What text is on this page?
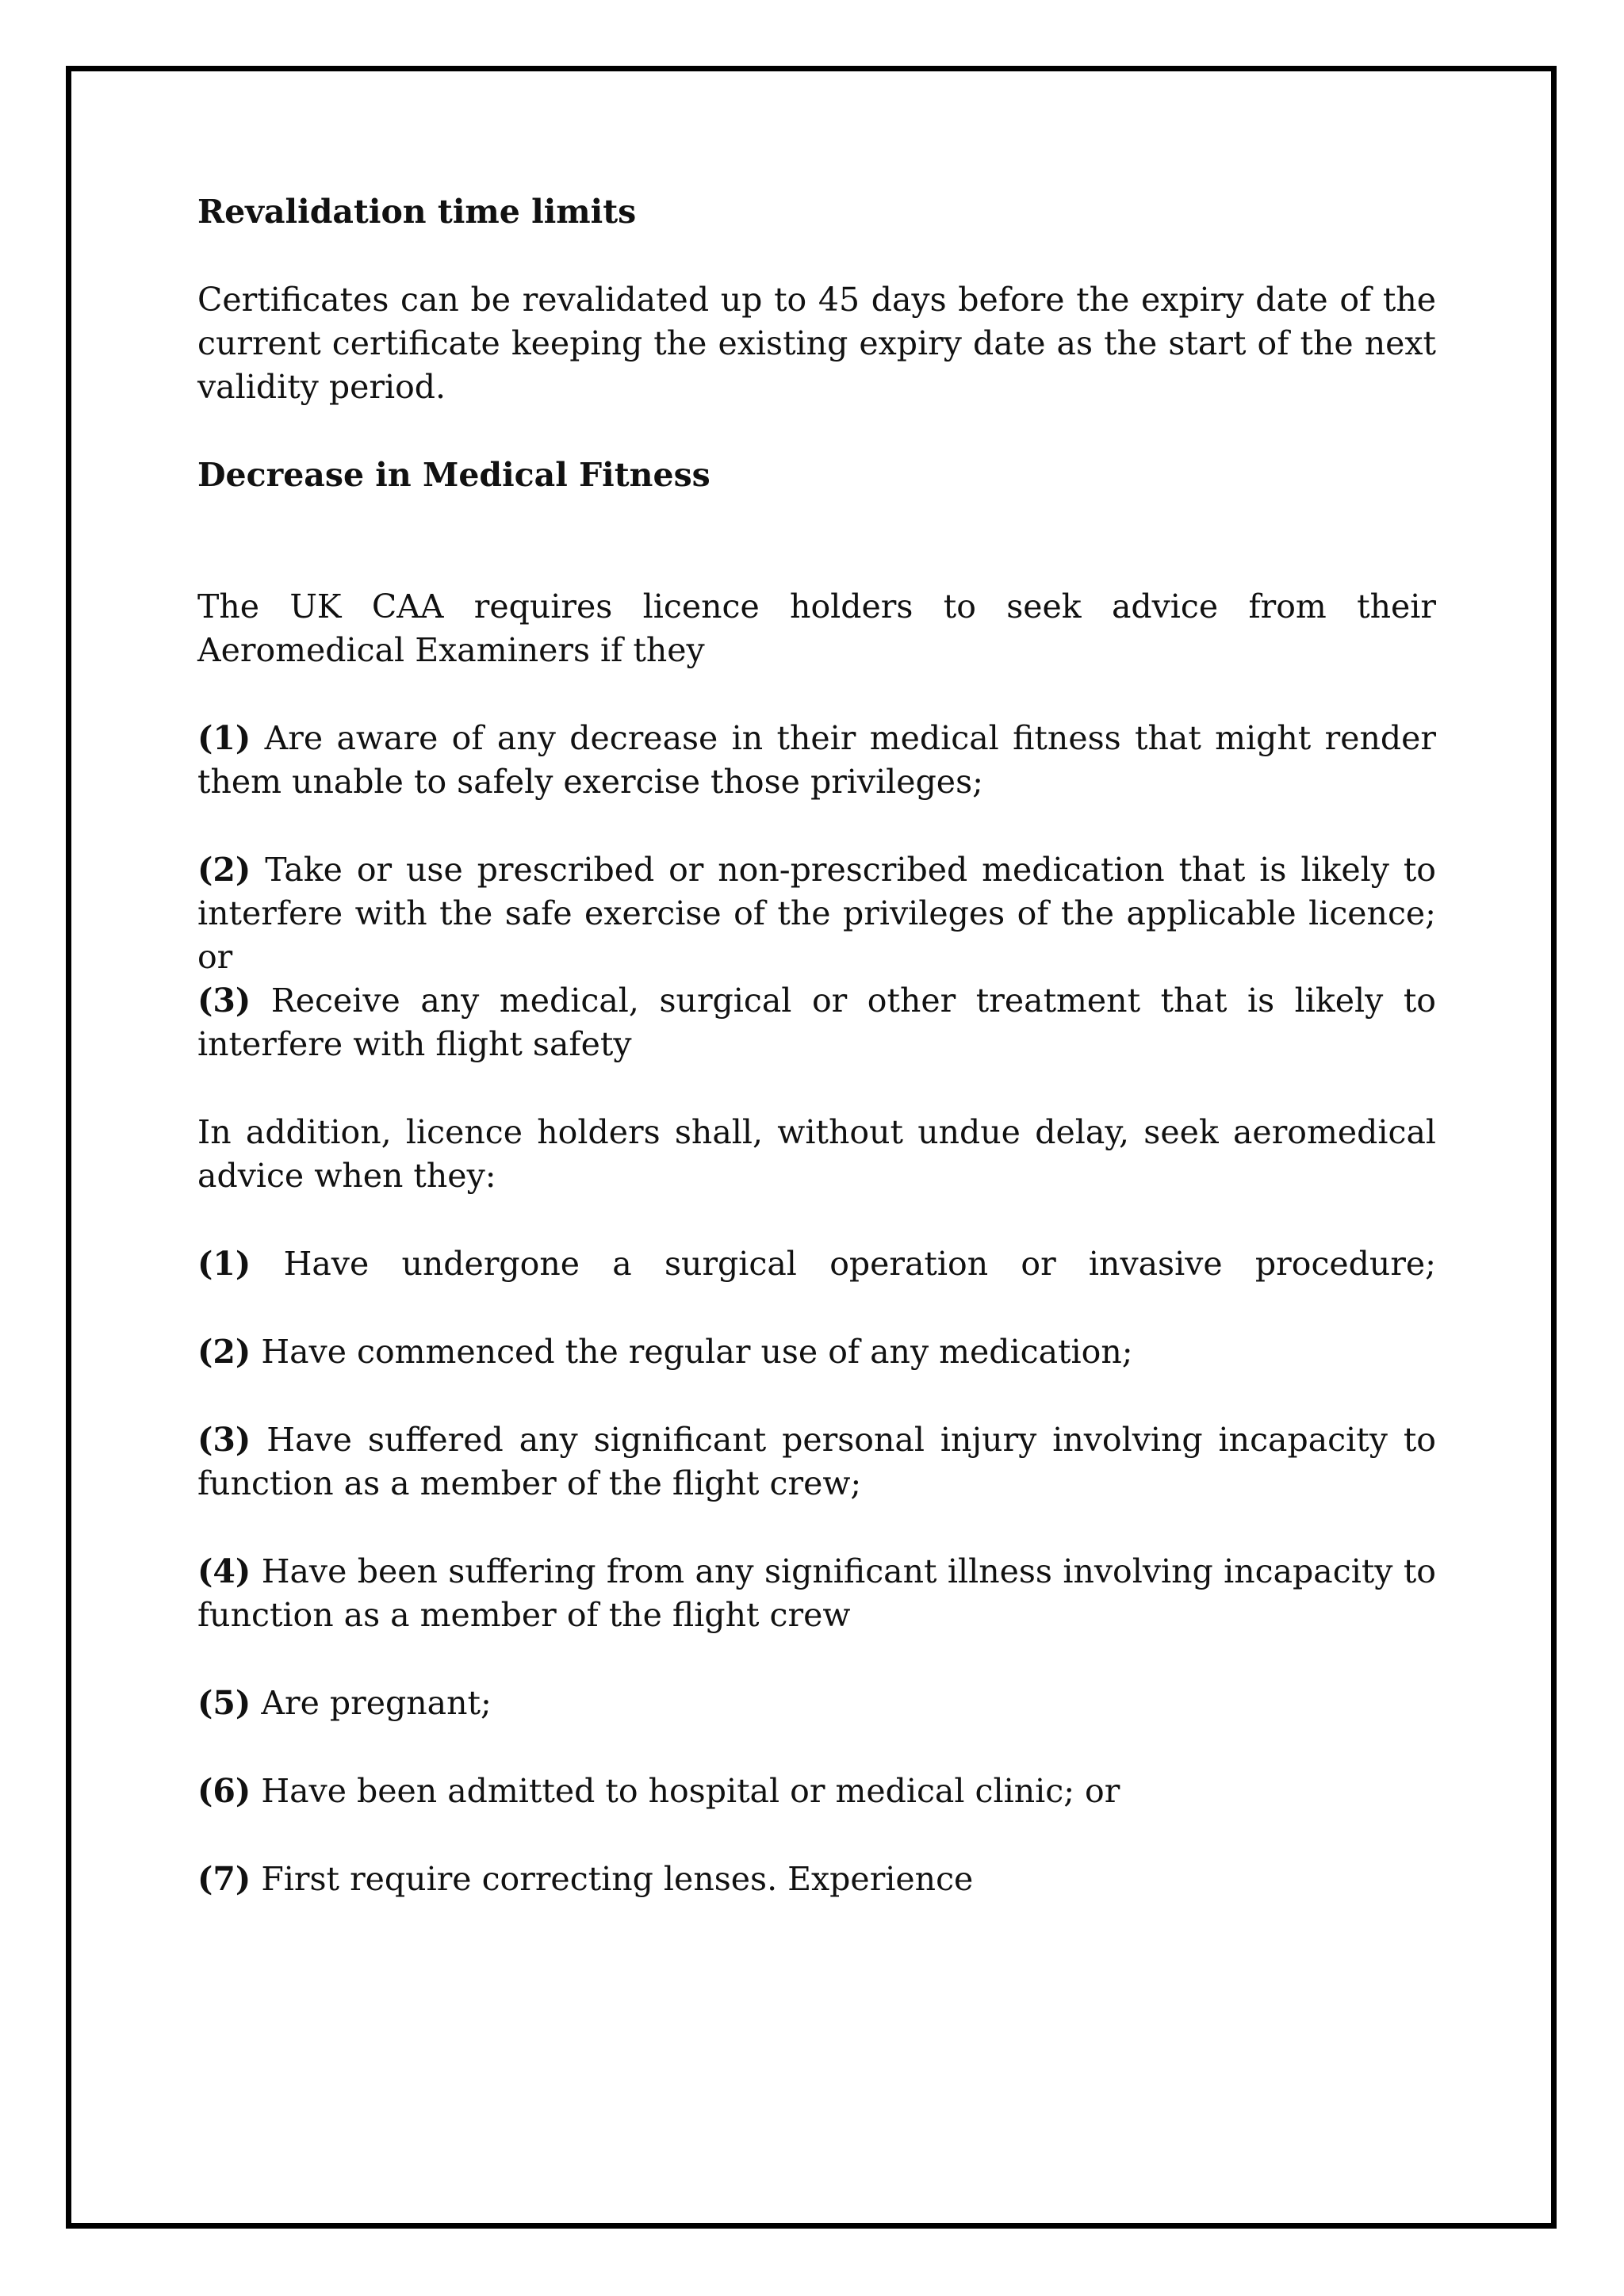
Revalidation time limits

Certificates can be revalidated up to 45 days before the expiry date of the current certificate keeping the existing expiry date as the start of the next validity period.

Decrease in Medical Fitness

The UK CAA requires licence holders to seek advice from their Aeromedical Examiners if they

(1) Are aware of any decrease in their medical fitness that might render them unable to safely exercise those privileges;

(2) Take or use prescribed or non-prescribed medication that is likely to interfere with the safe exercise of the privileges of the applicable licence; or

(3) Receive any medical, surgical or other treatment that is likely to interfere with flight safety

In addition, licence holders shall, without undue delay, seek aeromedical advice when they:

(1) Have undergone a surgical operation or invasive procedure;

(2) Have commenced the regular use of any medication;

(3) Have suffered any significant personal injury involving incapacity to function as a member of the flight crew;

(4) Have been suffering from any significant illness involving incapacity to function as a member of the flight crew

(5) Are pregnant;

(6) Have been admitted to hospital or medical clinic; or

(7) First require correcting lenses. Experience
